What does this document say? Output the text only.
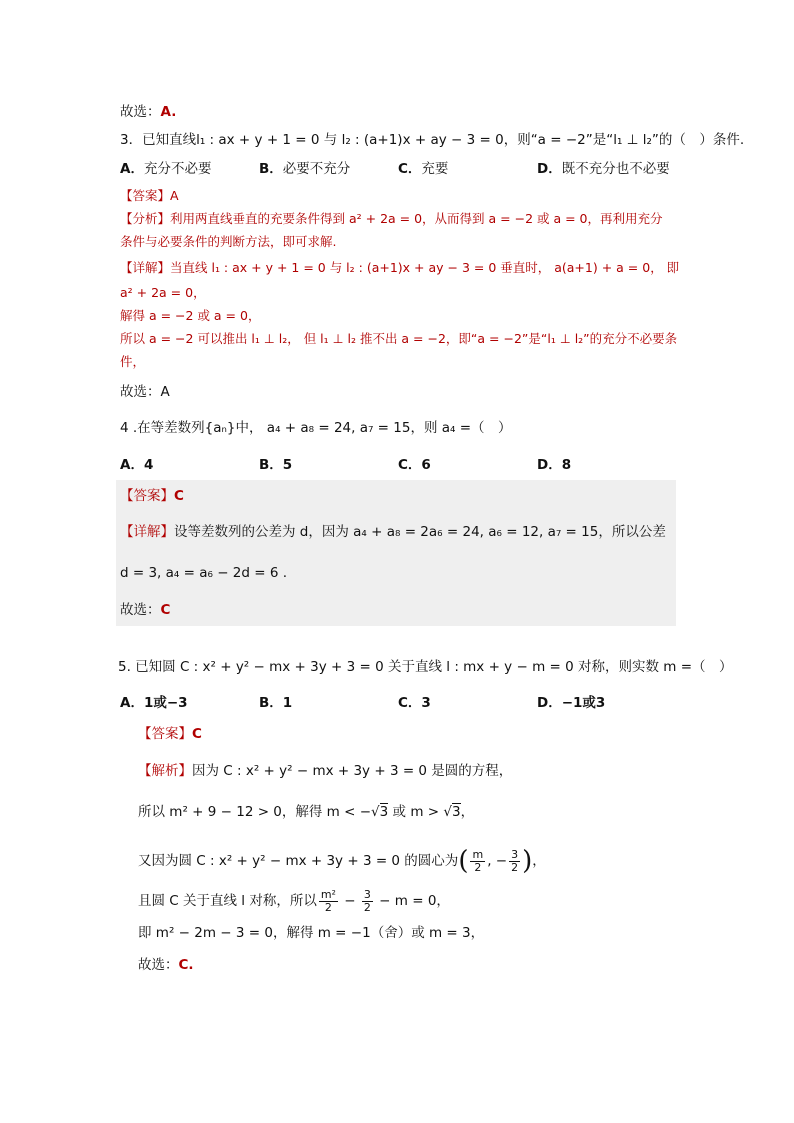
故选：A.
3．已知直线l₁ : ax + y + 1 = 0 与 l₂ : (a+1)x + ay − 3 = 0，则“a = −2”是“l₁ ⊥ l₂”的（　）条件.
A．充分不必要	B．必要不充分	C．充要	D．既不充分也不必要
【答案】A
【分析】利用两直线垂直的充要条件得到 a² + 2a = 0，从而得到 a = −2 或 a = 0，再利用充分
条件与必要条件的判断方法，即可求解.
【详解】当直线 l₁ : ax + y + 1 = 0 与 l₂ : (a+1)x + ay − 3 = 0 垂直时， a(a+1) + a = 0， 即
a² + 2a = 0，
解得 a = −2 或 a = 0，
所以 a = −2 可以推出 l₁ ⊥ l₂， 但 l₁ ⊥ l₂ 推不出 a = −2，即“a = −2”是“l₁ ⊥ l₂”的充分不必要条
件，
故选：A
4 .在等差数列{aₙ}中， a₄ + a₈ = 24, a₇ = 15，则 a₄ =（　）
A．4	B．5	C．6	D．8
【答案】C
【详解】设等差数列的公差为 d，因为 a₄ + a₈ = 2a₆ = 24, a₆ = 12, a₇ = 15，所以公差
d = 3, a₄ = a₆ − 2d = 6 .
故选：C
5. 已知圆 C : x² + y² − mx + 3y + 3 = 0 关于直线 l : mx + y − m = 0 对称，则实数 m =（　）
A．1或−3	B．1	C．3	D．−1或3
【答案】C
【解析】因为 C : x² + y² − mx + 3y + 3 = 0 是圆的方程，
所以 m² + 9 − 12 > 0，解得 m < −√3 或 m > √3，
又因为圆 C : x² + y² − mx + 3y + 3 = 0 的圆心为( $\frac{m}{2}$ , − $\frac{3}{2}$ )，
且圆 C 关于直线 l 对称，所以 $\frac{\text{m²}}{2} - \frac{3}{2} - m = 0$，
即 m² − 2m − 3 = 0，解得 m = −1（舍）或 m = 3，
故选：C.
